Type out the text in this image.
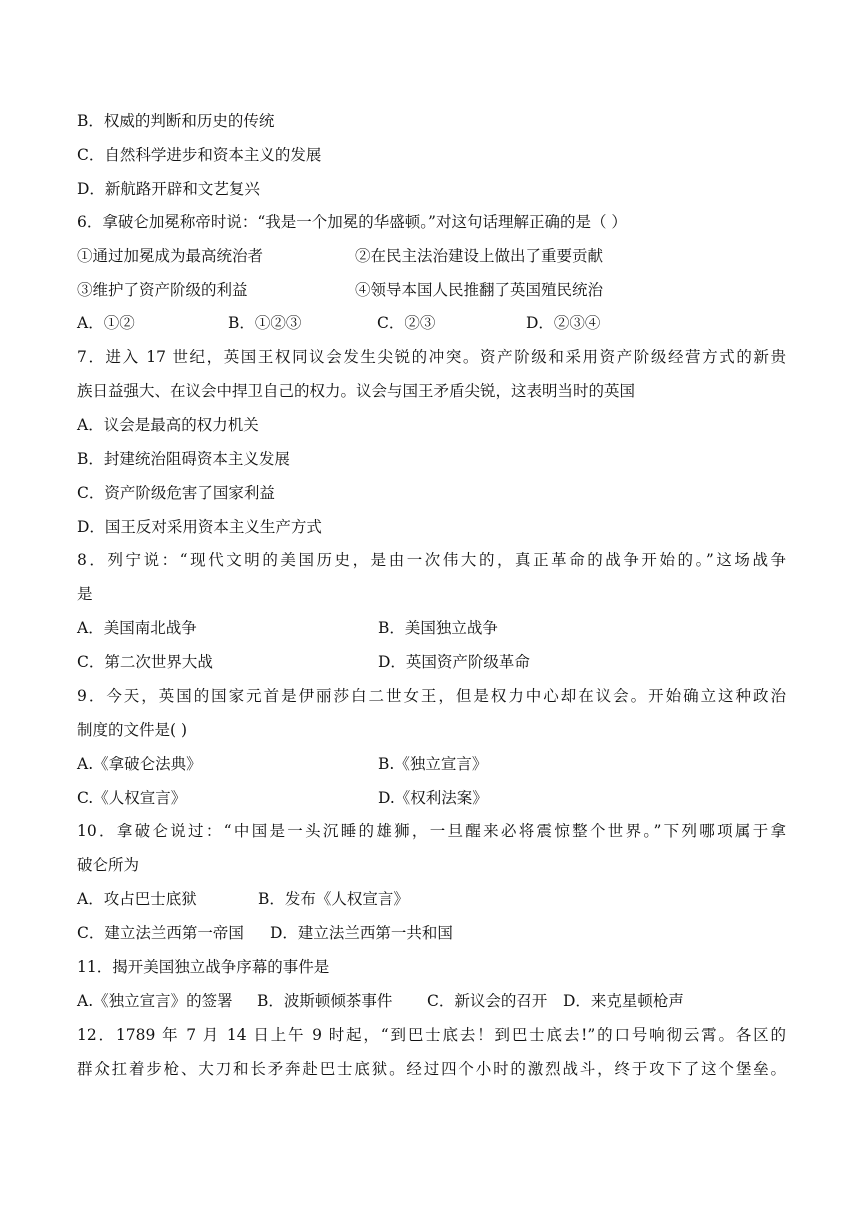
B．权威的判断和历史的传统
C．自然科学进步和资本主义的发展
D．新航路开辟和文艺复兴
6．拿破仑加冕称帝时说：“我是一个加冕的华盛顿。”对这句话理解正确的是（ ）
①通过加冕成为最高统治者	②在民主法治建设上做出了重要贡献
③维护了资产阶级的利益	④领导本国人民推翻了英国殖民统治
A．①②	B．①②③	C．②③	D．②③④
7．进入 17 世纪，英国王权同议会发生尖锐的冲突。资产阶级和采用资产阶级经营方式的新贵
族日益强大、在议会中捍卫自己的权力。议会与国王矛盾尖锐，这表明当时的英国
A．议会是最高的权力机关
B．封建统治阻碍资本主义发展
C．资产阶级危害了国家利益
D．国王反对采用资本主义生产方式
8．列宁说：“现代文明的美国历史，是由一次伟大的，真正革命的战争开始的。”这场战争
是
A．美国南北战争	B．美国独立战争
C．第二次世界大战	D．英国资产阶级革命
9．今天，英国的国家元首是伊丽莎白二世女王，但是权力中心却在议会。开始确立这种政治
制度的文件是( )
A.《拿破仑法典》	B.《独立宣言》
C.《人权宣言》	D.《权利法案》
10．拿破仑说过：“中国是一头沉睡的雄狮，一旦醒来必将震惊整个世界。”下列哪项属于拿
破仑所为
A．攻占巴士底狱	B．发布《人权宣言》
C．建立法兰西第一帝国 D．建立法兰西第一共和国
11．揭开美国独立战争序幕的事件是
A.《独立宣言》的签署 B．波斯顿倾茶事件 C．新议会的召开 D．来克星顿枪声
12．1789 年 7 月 14 日上午 9 时起，“到巴士底去！到巴士底去!”的口号响彻云霄。各区的
群众扛着步枪、大刀和长矛奔赴巴士底狱。经过四个小时的激烈战斗，终于攻下了这个堡垒。
